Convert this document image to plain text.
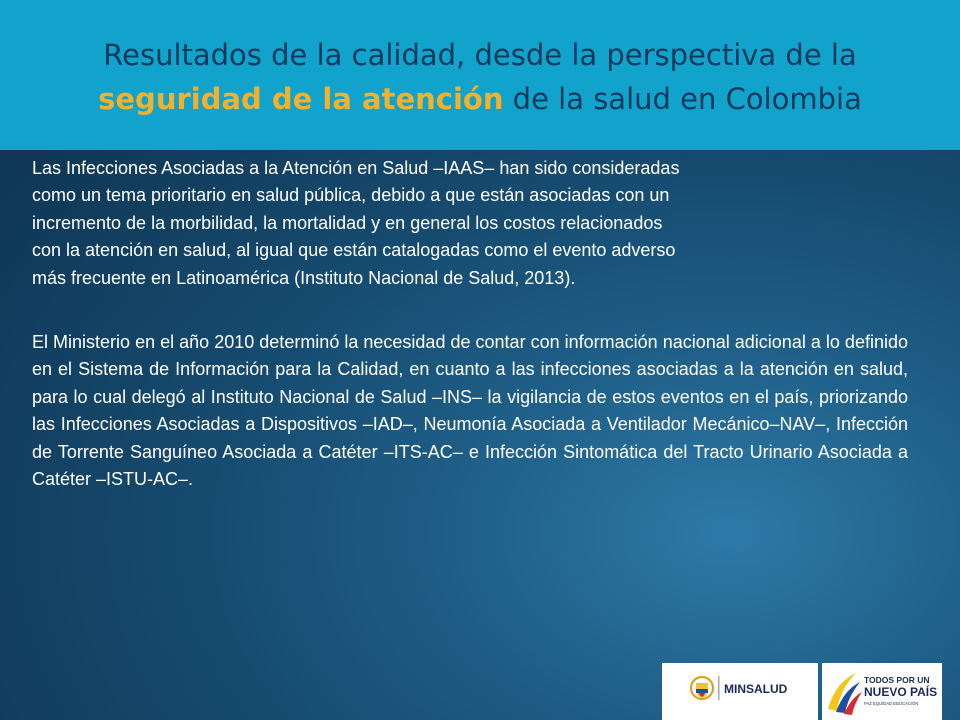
Resultados de la calidad, desde la perspectiva de la
seguridad de la atención de la salud en Colombia

Las Infecciones Asociadas a la Atención en Salud –IAAS– han sido consideradas
como un tema prioritario en salud pública, debido a que están asociadas con un
incremento de la morbilidad, la mortalidad y en general los costos relacionados
con la atención en salud, al igual que están catalogadas como el evento adverso
más frecuente en Latinoamérica (Instituto Nacional de Salud, 2013).

El Ministerio en el año 2010 determinó la necesidad de contar con información nacional adicional a lo definido en el Sistema de Información para la Calidad, en cuanto a las infecciones asociadas a la atención en salud, para lo cual delegó al Instituto Nacional de Salud –INS– la vigilancia de estos eventos en el país, priorizando las Infecciones Asociadas a Dispositivos –IAD–, Neumonía Asociada a Ventilador Mecánico–NAV–, Infección de Torrente Sanguíneo Asociada a Catéter –ITS-AC– e Infección Sintomática del Tracto Urinario Asociada a Catéter –ISTU-AC–.

MINSALUD
TODOS POR UN
NUEVO PAÍS
PAZ EQUIDAD EDUCACIÓN
